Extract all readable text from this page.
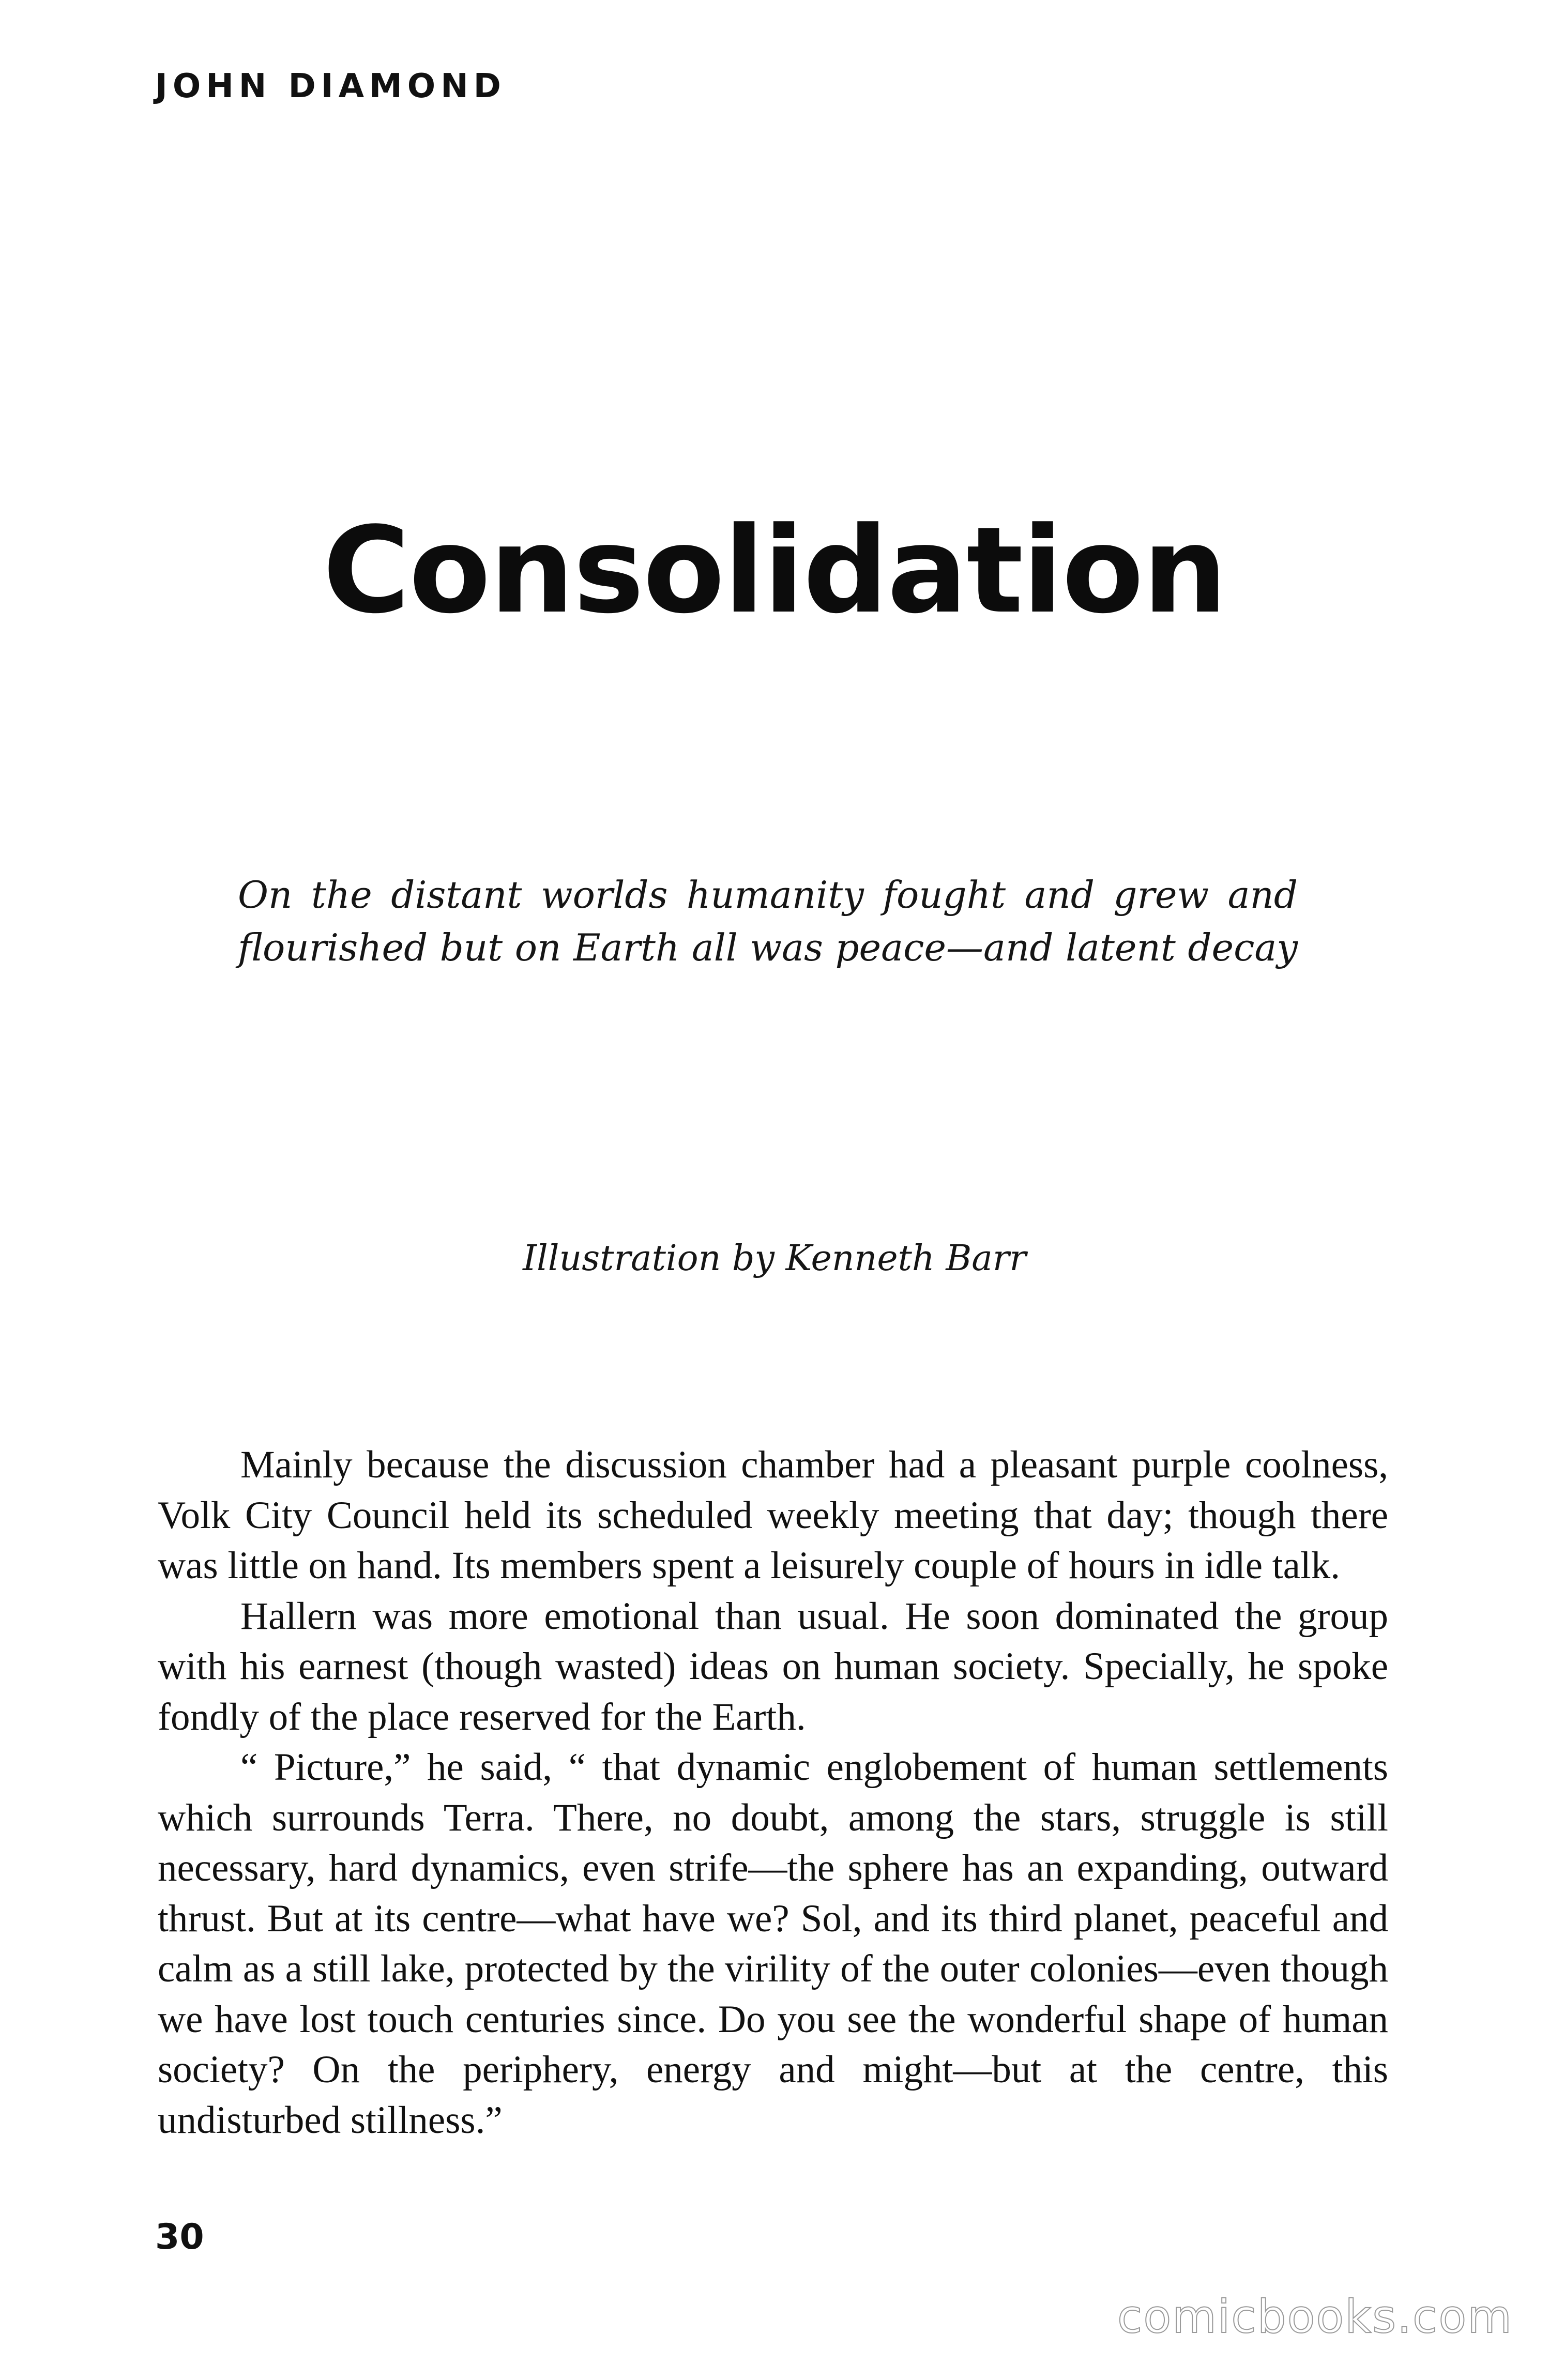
JOHN DIAMOND
Consolidation
On the distant worlds humanity fought and grew and
flourished but on Earth all was peace—and latent decay
Illustration by Kenneth Barr

Mainly because the discussion chamber had a pleasant purple coolness, Volk City Council held its scheduled weekly meeting that day; though there was little on hand. Its members spent a leisurely couple of hours in idle talk.

Hallern was more emotional than usual. He soon dominated the group with his earnest (though wasted) ideas on human society. Specially, he spoke fondly of the place reserved for the Earth.

“ Picture,” he said, “ that dynamic englobement of human settlements which surrounds Terra. There, no doubt, among the stars, struggle is still necessary, hard dynamics, even strife—the sphere has an expanding, outward thrust. But at its centre—what have we? Sol, and its third planet, peaceful and calm as a still lake, protected by the virility of the outer colonies—even though we have lost touch centuries since. Do you see the wonderful shape of human society? On the periphery, energy and might—but at the centre, this undisturbed stillness.”

30
comicbooks.com
